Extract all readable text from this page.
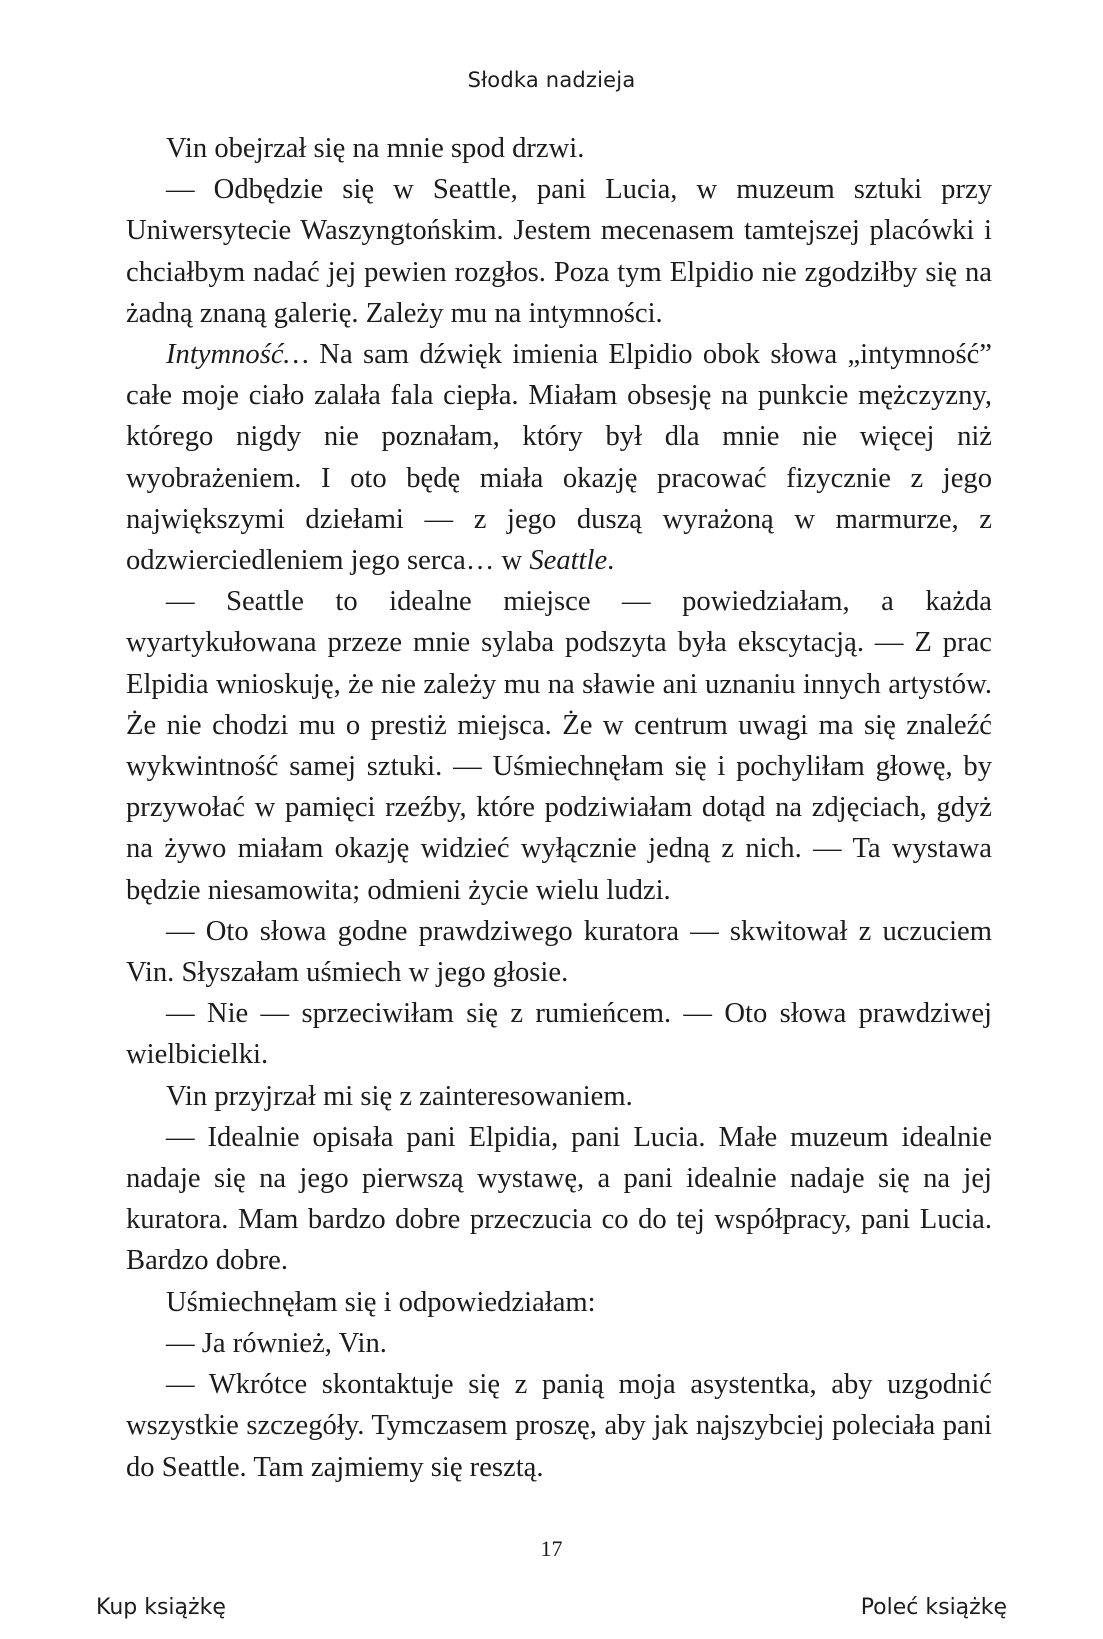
Słodka nadzieja

Vin obejrzał się na mnie spod drzwi.

— Odbędzie się w Seattle, pani Lucia, w muzeum sztuki przy Uniwersytecie Waszyngtońskim. Jestem mecenasem tamtejszej placówki i chciałbym nadać jej pewien rozgłos. Poza tym Elpidio nie zgodziłby się na żadną znaną galerię. Zależy mu na intymności.

Intymność… Na sam dźwięk imienia Elpidio obok słowa „intymność” całe moje ciało zalała fala ciepła. Miałam obsesję na punkcie mężczyzny, którego nigdy nie poznałam, który był dla mnie nie więcej niż wyobrażeniem. I oto będę miała okazję pracować fizycznie z jego największymi dziełami — z jego duszą wyrażoną w marmurze, z odzwierciedleniem jego serca… w Seattle.

— Seattle to idealne miejsce — powiedziałam, a każda wyartykułowana przeze mnie sylaba podszyta była ekscytacją. — Z prac Elpidia wnioskuję, że nie zależy mu na sławie ani uznaniu innych artystów. Że nie chodzi mu o prestiż miejsca. Że w centrum uwagi ma się znaleźć wykwintność samej sztuki. — Uśmiechnęłam się i pochyliłam głowę, by przywołać w pamięci rzeźby, które podziwiałam dotąd na zdjęciach, gdyż na żywo miałam okazję widzieć wyłącznie jedną z nich. — Ta wystawa będzie niesamowita; odmieni życie wielu ludzi.

— Oto słowa godne prawdziwego kuratora — skwitował z uczuciem Vin. Słyszałam uśmiech w jego głosie.

— Nie — sprzeciwiłam się z rumieńcem. — Oto słowa prawdziwej wielbicielki.

Vin przyjrzał mi się z zainteresowaniem.

— Idealnie opisała pani Elpidia, pani Lucia. Małe muzeum idealnie nadaje się na jego pierwszą wystawę, a pani idealnie nadaje się na jej kuratora. Mam bardzo dobre przeczucia co do tej współpracy, pani Lucia. Bardzo dobre.

Uśmiechnęłam się i odpowiedziałam:

— Ja również, Vin.

— Wkrótce skontaktuje się z panią moja asystentka, aby uzgodnić wszystkie szczegóły. Tymczasem proszę, aby jak najszybciej poleciała pani do Seattle. Tam zajmiemy się resztą.

17
Kup książkę	Poleć książkę
